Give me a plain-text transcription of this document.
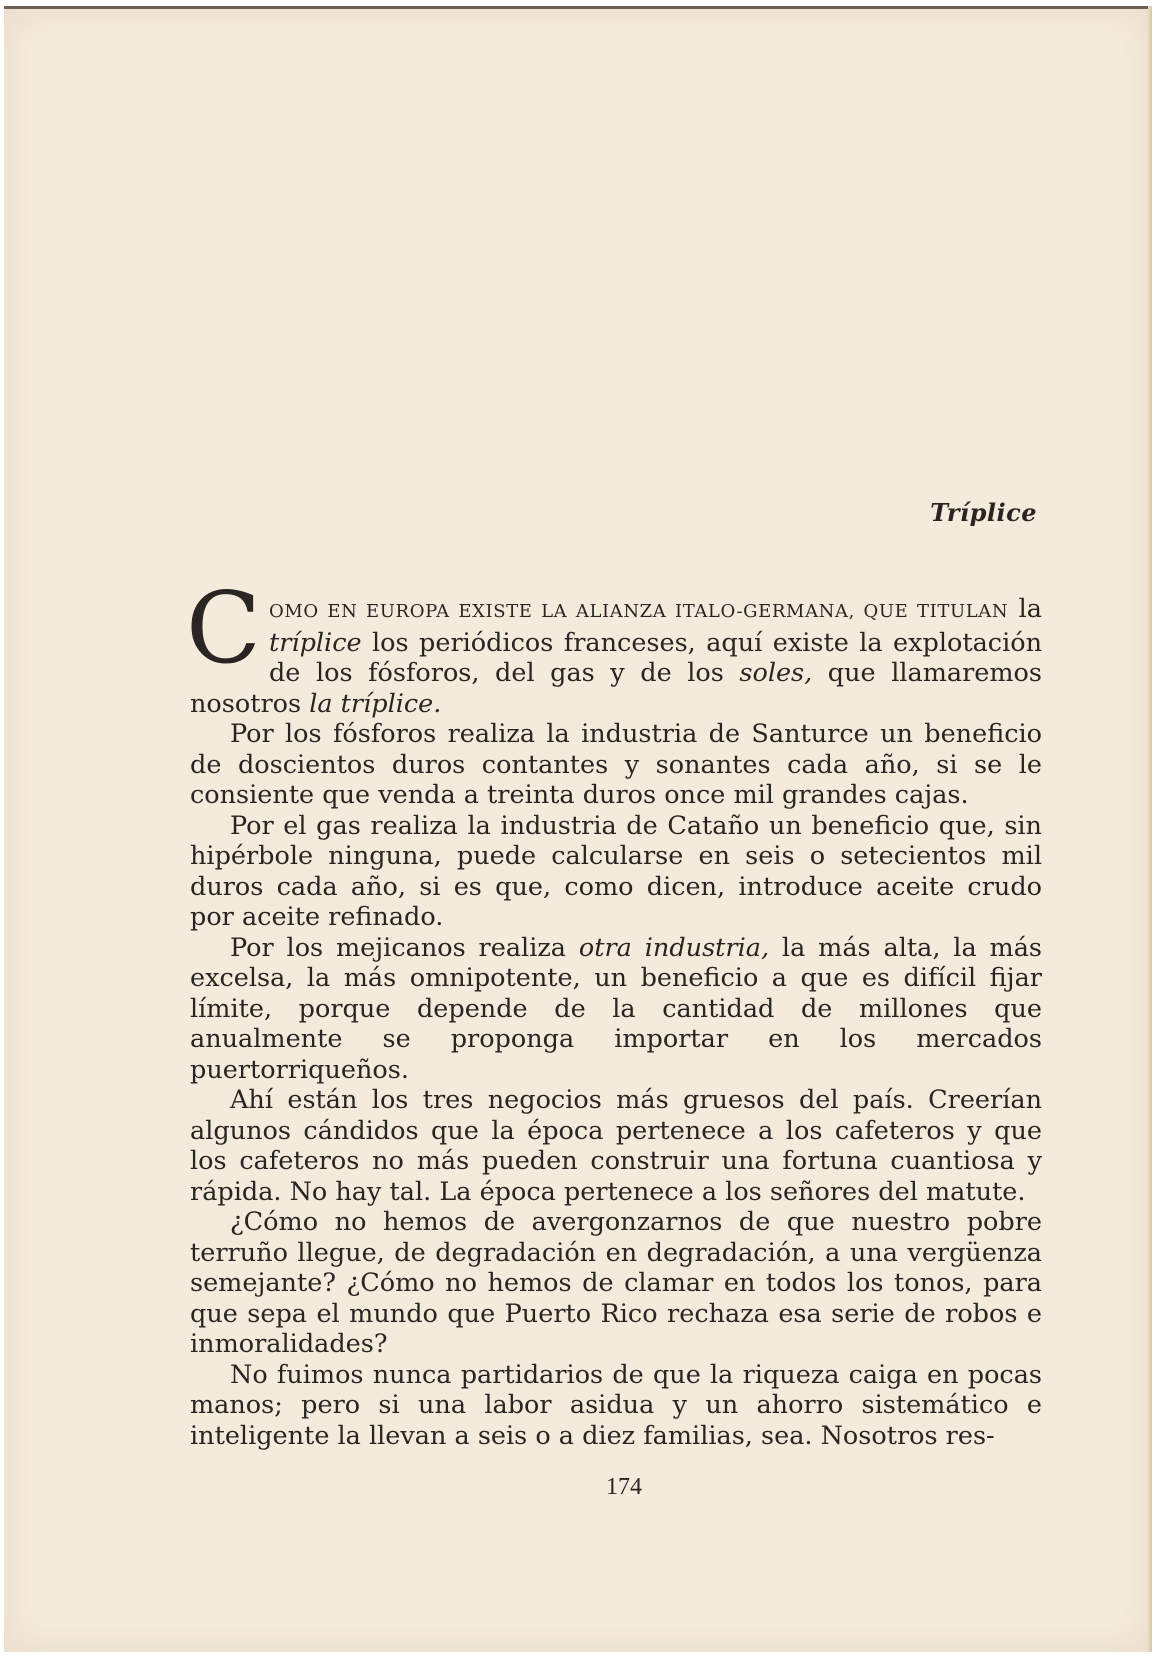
Tríplice

COMO EN EUROPA EXISTE LA ALIANZA ITALO-GERMANA, QUE TITULAN la tríplice los periódicos franceses, aquí existe la explotación de los fósforos, del gas y de los soles, que llamaremos nosotros la tríplice.

Por los fósforos realiza la industria de Santurce un beneficio de doscientos duros contantes y sonantes cada año, si se le consiente que venda a treinta duros once mil grandes cajas.

Por el gas realiza la industria de Cataño un beneficio que, sin hipérbole ninguna, puede calcularse en seis o setecientos mil duros cada año, si es que, como dicen, introduce aceite crudo por aceite refinado.

Por los mejicanos realiza otra industria, la más alta, la más excelsa, la más omnipotente, un beneficio a que es difícil fijar límite, porque depende de la cantidad de millones que anualmente se proponga importar en los mercados puertorriqueños.

Ahí están los tres negocios más gruesos del país. Creerían algunos cándidos que la época pertenece a los cafeteros y que los cafeteros no más pueden construir una fortuna cuantiosa y rápida. No hay tal. La época pertenece a los señores del matute.

¿Cómo no hemos de avergonzarnos de que nuestro pobre terruño llegue, de degradación en degradación, a una vergüenza semejante? ¿Cómo no hemos de clamar en todos los tonos, para que sepa el mundo que Puerto Rico rechaza esa serie de robos e inmoralidades?

No fuimos nunca partidarios de que la riqueza caiga en pocas manos; pero si una labor asidua y un ahorro sistemático e inteligente la llevan a seis o a diez familias, sea. Nosotros res-

174
